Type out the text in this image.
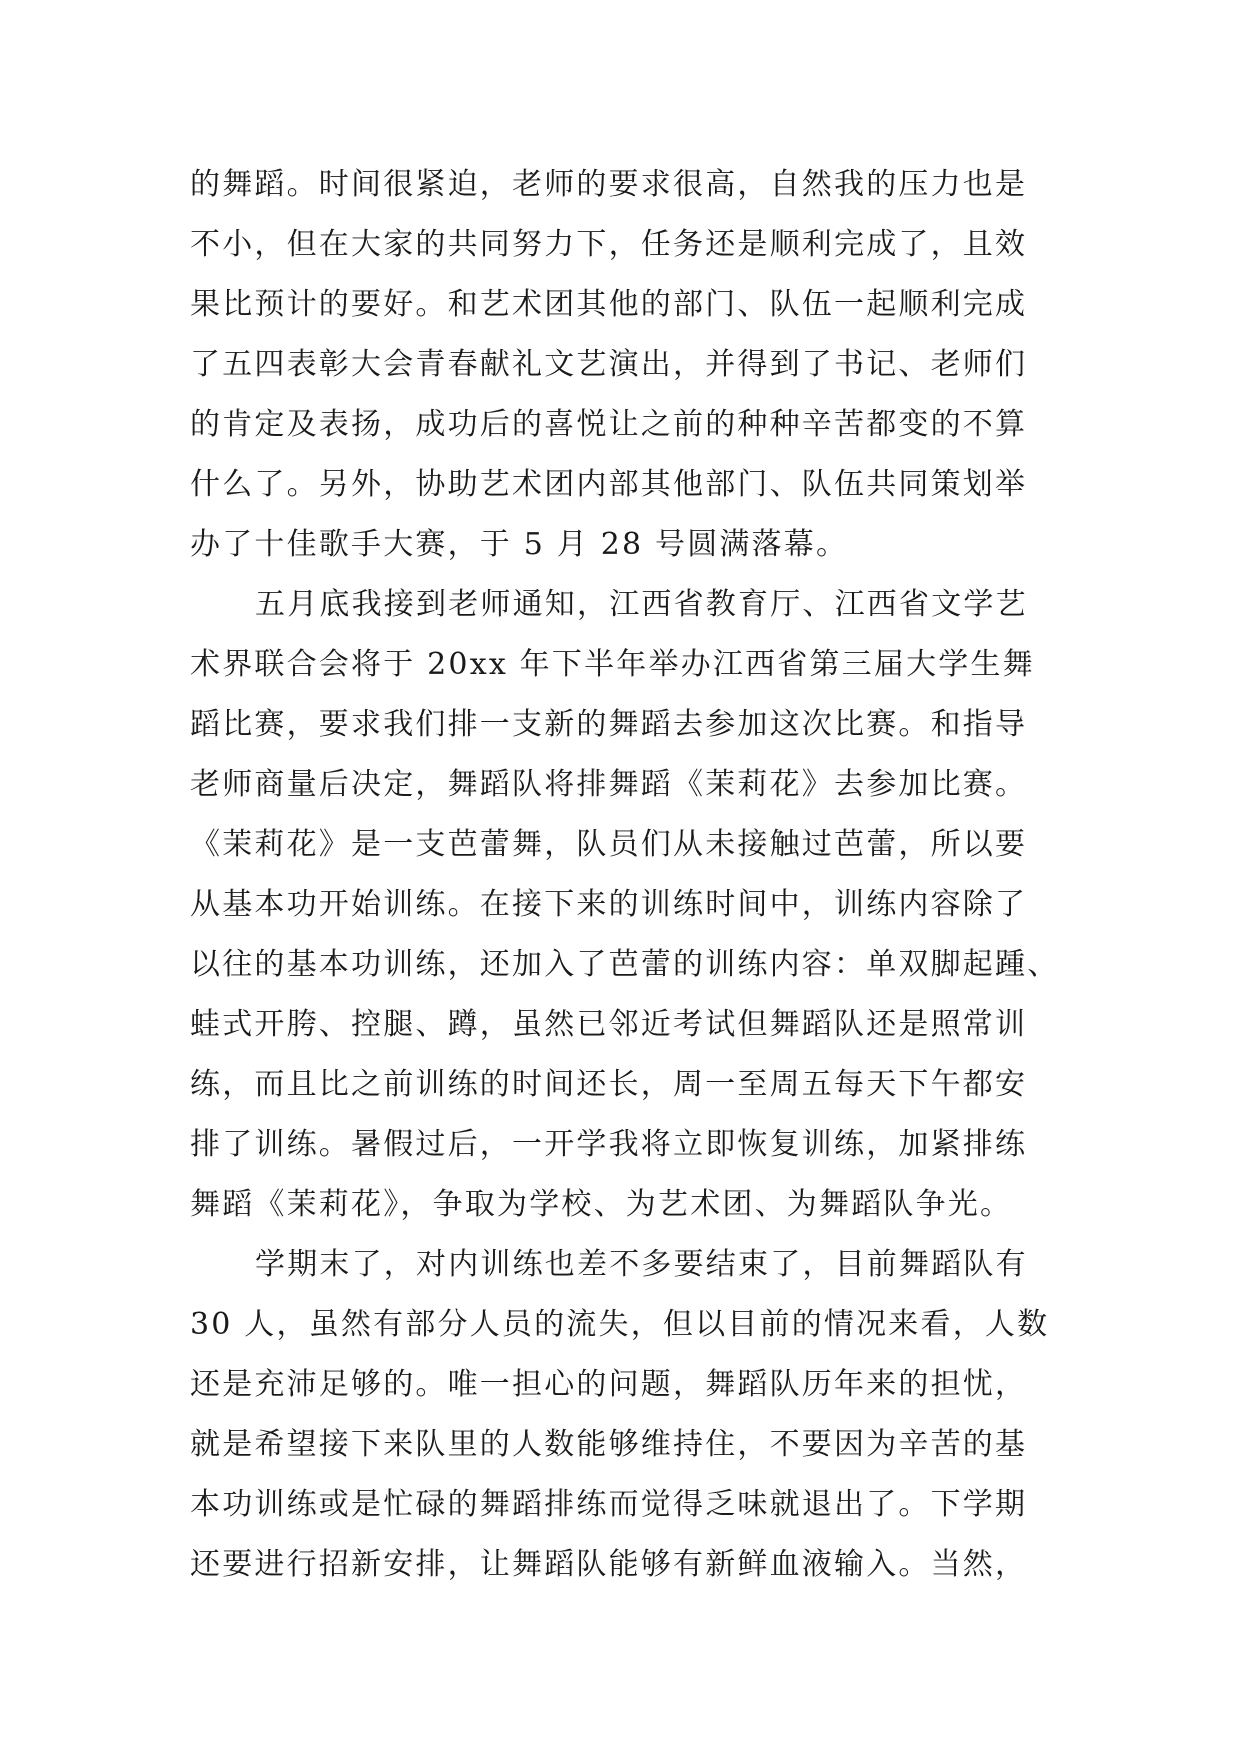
的舞蹈。时间很紧迫，老师的要求很高，自然我的压力也是
不小，但在大家的共同努力下，任务还是顺利完成了，且效
果比预计的要好。和艺术团其他的部门、队伍一起顺利完成
了五四表彰大会青春献礼文艺演出，并得到了书记、老师们
的肯定及表扬，成功后的喜悦让之前的种种辛苦都变的不算
什么了。另外，协助艺术团内部其他部门、队伍共同策划举
办了十佳歌手大赛，于 5 月 28 号圆满落幕。
五月底我接到老师通知，江西省教育厅、江西省文学艺
术界联合会将于 20xx 年下半年举办江西省第三届大学生舞
蹈比赛，要求我们排一支新的舞蹈去参加这次比赛。和指导
老师商量后决定，舞蹈队将排舞蹈《茉莉花》去参加比赛。
《茉莉花》是一支芭蕾舞，队员们从未接触过芭蕾，所以要
从基本功开始训练。在接下来的训练时间中，训练内容除了
以往的基本功训练，还加入了芭蕾的训练内容：单双脚起踵、
蛙式开胯、控腿、蹲，虽然已邻近考试但舞蹈队还是照常训
练，而且比之前训练的时间还长，周一至周五每天下午都安
排了训练。暑假过后，一开学我将立即恢复训练，加紧排练
舞蹈《茉莉花》，争取为学校、为艺术团、为舞蹈队争光。
学期末了，对内训练也差不多要结束了，目前舞蹈队有
30 人，虽然有部分人员的流失，但以目前的情况来看，人数
还是充沛足够的。唯一担心的问题，舞蹈队历年来的担忧，
就是希望接下来队里的人数能够维持住，不要因为辛苦的基
本功训练或是忙碌的舞蹈排练而觉得乏味就退出了。下学期
还要进行招新安排，让舞蹈队能够有新鲜血液输入。当然，
